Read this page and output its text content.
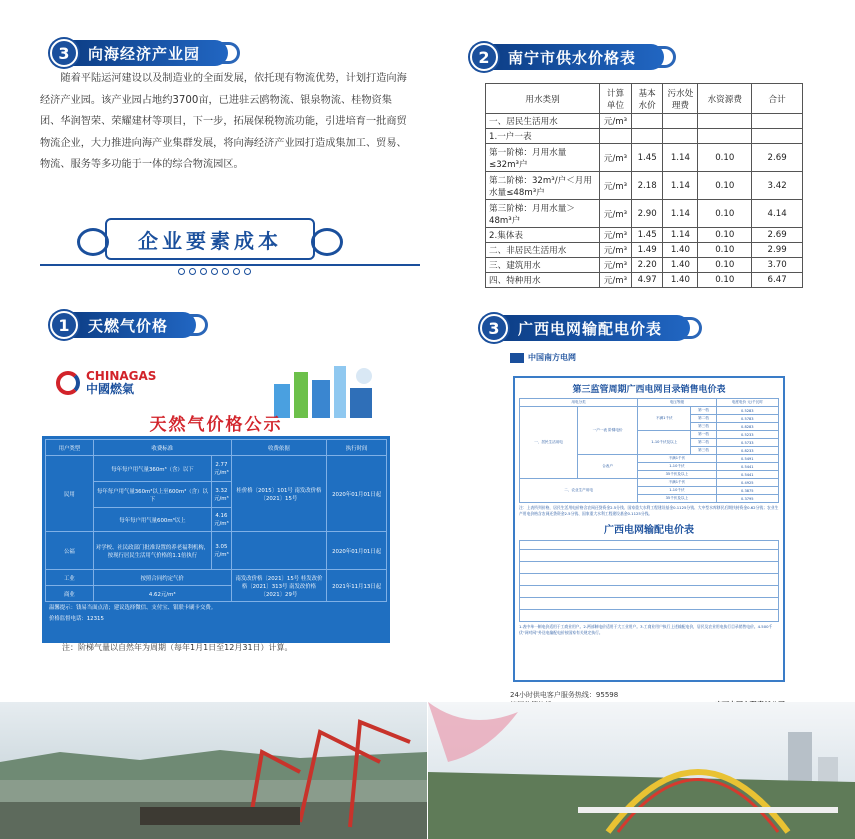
3	向海经济产业园

随着平陆运河建设以及制造业的全面发展，依托现有物流优势，计划打造向海经济产业园。该产业园占地约3700亩，已进驻云鸥物流、银泉物流、桂物资集团、华润智荣、荣耀建材等项目，下一步，拓展保税物流功能，引进培育一批商贸物流企业，大力推进向海产业集群发展，将向海经济产业园打造成集加工、贸易、物流、服务等多功能于一体的综合物流园区。

企业要素成本
1	天燃气价格
CHINAGAS
中國燃氣
天然气价格公示
用户类型	收费标准		收费依据	执行时间
民用	每年每户用气量360m³（含）以下	2.77元/m³	桂价格〔2015〕101号 南发改价格〔2021〕15号	2020年01月01日起
	每年每户用气量360m³以上至600m³（含）以下	3.32元/m³		
	每年每户用气量600m³以上	4.16元/m³		
公福	对学校、社民政部门批准设置的养老福利机构，按现行居民生活用气价格的1.1倍执行	3.05元/m³		2020年01月01日起
工业	按照合同约定气价		南发改价格〔2021〕15号 桂发改价格〔2021〕313号 南发改价格〔2021〕29号	2021年11月13日起
商业	4.62元/m³			
温馨提示：钱易当面点清；建议选择微信、支付宝、银联卡刷卡交费。
价格监督电话：12315
注：阶梯气量以自然年为周期（每年1月1日至12月31日）计算。
2	南宁市供水价格表
用水类别	计算单位	基本水价	污水处理费	水资源费	合计
一、居民生活用水	元/m³				
1.一户一表					
第一阶梯：月用水量≤32m³户	元/m³	1.45	1.14	0.10	2.69
第二阶梯：32m³/户＜月用水量≤48m³户	元/m³	2.18	1.14	0.10	3.42
第三阶梯：月用水量＞48m³户	元/m³	2.90	1.14	0.10	4.14
2.集体表	元/m³	1.45	1.14	0.10	2.69
二、非居民生活用水	元/m³	1.49	1.40	0.10	2.99
三、建筑用水	元/m³	2.20	1.40	0.10	3.70
四、特种用水	元/m³	4.97	1.40	0.10	6.47
3	广西电网输配电价表
中国南方电网
第三监管周期广西电网目录销售电价表
用电分类		电压等级		电度电价 元/千瓦时
一、居民生活用电	一户一表 阶梯电价	不满1千伏	第一档	0.5283
			第二档	0.5783
			第三档	0.8283
		1-10千伏及以上	第一档	0.5233
			第二档	0.5733
			第三档	0.8233
	合表户	不满1千伏		0.5491
		1-10千伏		0.5441
		35千伏及以上		0.5441
二、农业生产用电		不满1千伏		0.4925
		1-10千伏		0.3875
		35千伏及以上		0.3795
注：上表所列价格，居民生活用电价格含农网还贷资金2.5分钱、国家重大水利工程建设基金0.1125分钱、大中型水库移民后期扶持资金0.62分钱；农业生产用电价格含农网还贷资金2.5分钱、国家重大水利工程建设基金0.1125分钱。
广西电网输配电价表
1.表中单一制电价适用于工商业用户。2.两部制电价适用于大工业用户。3.工商业用户执行上述输配电价，居民及农业用电执行目录销售电价。4.500千伏“网对网”外送电输配电价按国家有关规定执行。
24小时供电客户服务热线：95598
